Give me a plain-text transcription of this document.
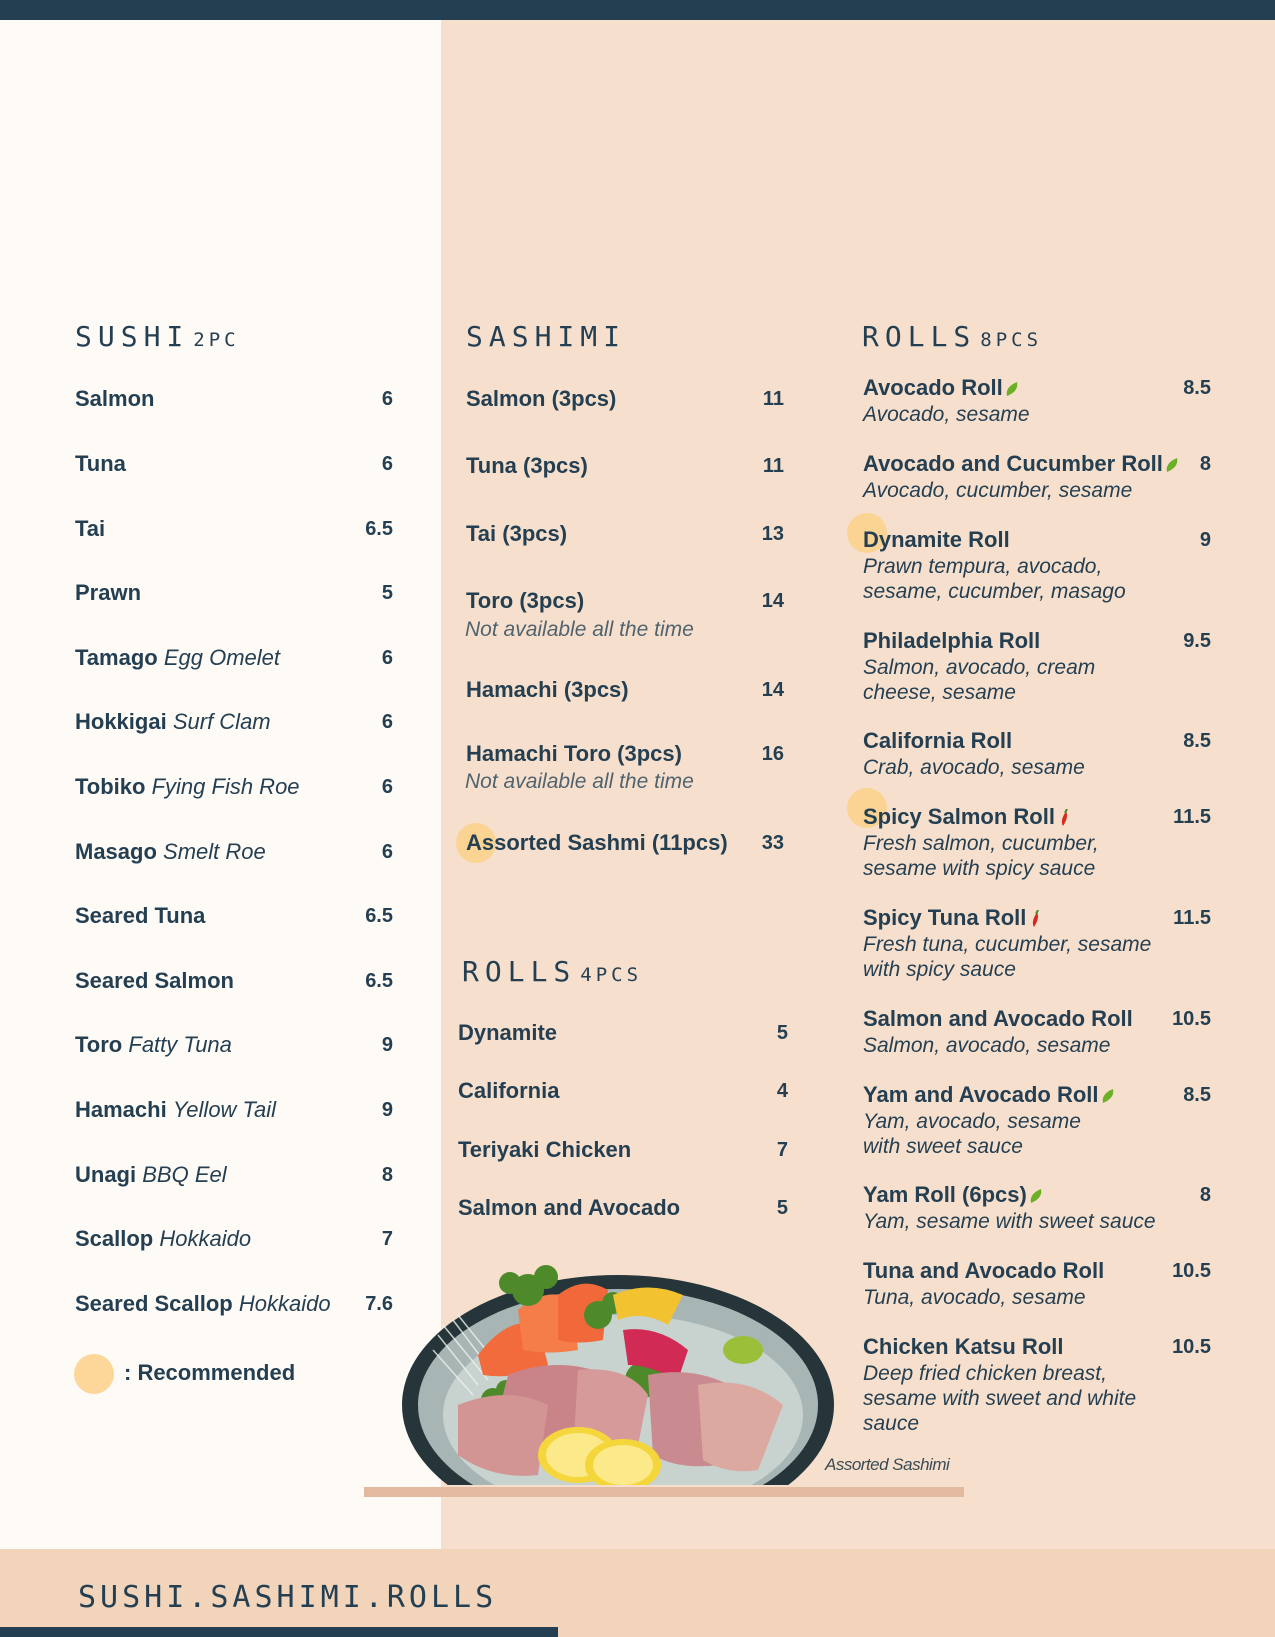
SUSHI 2PC
Salmon	6
Tuna	6
Tai	6.5
Prawn	5
Tamago Egg Omelet	6
Hokkigai Surf Clam	6
Tobiko Fying Fish Roe	6
Masago Smelt Roe	6
Seared Tuna	6.5
Seared Salmon	6.5
Toro Fatty Tuna	9
Hamachi Yellow Tail	9
Unagi BBQ Eel	8
Scallop Hokkaido	7
Seared Scallop Hokkaido 7.6
: Recommended
SASHIMI
Salmon (3pcs)	11
Tuna (3pcs)	11
Tai (3pcs)	13
Toro (3pcs)	14
Not available all the time
Hamachi (3pcs)	14
Hamachi Toro (3pcs)	16
Not available all the time
Assorted Sashmi (11pcs) 33
ROLLS 4PCS
Dynamite	5
California	4
Teriyaki Chicken	7
Salmon and Avocado	5
Assorted Sashimi
ROLLS 8PCS
Avocado Roll	8.5
Avocado, sesame
Avocado and Cucumber Roll 8
Avocado, cucumber, sesame
Dynamite Roll	9
Prawn tempura, avocado, sesame, cucumber, masago
Philadelphia Roll	9.5
Salmon, avocado, cream cheese, sesame
California Roll	8.5
Crab, avocado, sesame
Spicy Salmon Roll	11.5
Fresh salmon, cucumber, sesame with spicy sauce
Spicy Tuna Roll	11.5
Fresh tuna, cucumber, sesame with spicy sauce
Salmon and Avocado Roll 10.5
Salmon, avocado, sesame
Yam and Avocado Roll	8.5
Yam, avocado, sesame with sweet sauce
Yam Roll (6pcs)	8
Yam, sesame with sweet sauce
Tuna and Avocado Roll	10.5
Tuna, avocado, sesame
Chicken Katsu Roll	10.5
Deep fried chicken breast, sesame with sweet and white sauce
SUSHI.SASHIMI.ROLLS
